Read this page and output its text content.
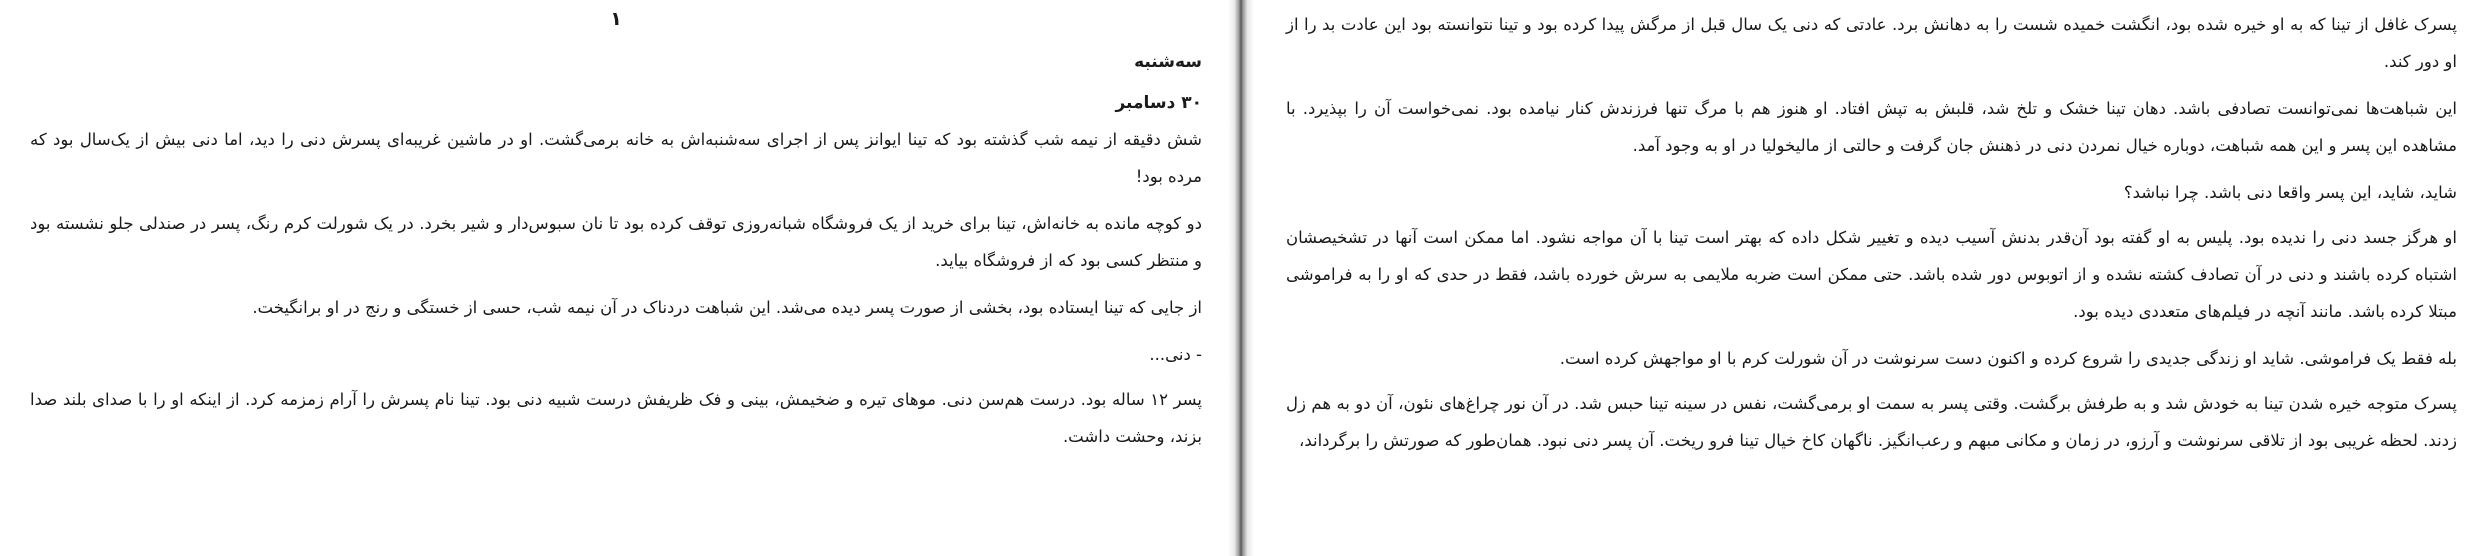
۱
سه‌شنبه
۳۰ دسامبر

شش دقیقه از نیمه شب گذشته بود که تینا ایوانز پس از اجرای سه‌شنبه‌اش به خانه برمی‌گشت. او در ماشین غریبه‌ای پسرش دنی را دید، اما دنی بیش از یک‌سال بود که مرده بود!

دو کوچه مانده به خانه‌اش، تینا برای خرید از یک فروشگاه شبانه‌روزی توقف کرده بود تا نان سبوس‌دار و شیر بخرد. در یک شورلت کرم رنگ، پسر در صندلی جلو نشسته بود و منتظر کسی بود که از فروشگاه بیاید.

از جایی که تینا ایستاده بود، بخشی از صورت پسر دیده می‌شد. این شباهت دردناک در آن نیمه شب، حسی از خستگی و رنج در او برانگیخت.

- دنی...

پسر ۱۲ ساله بود. درست هم‌سن دنی. موهای تیره و ضخیمش، بینی و فک ظریفش درست شبیه دنی بود. تینا نام پسرش را آرام زمزمه کرد. از اینکه او را با صدای بلند صدا بزند، وحشت داشت.

پسرک غافل از تینا که به او خیره شده بود، انگشت خمیده شست را به دهانش برد. عادتی که دنی یک سال قبل از مرگش پیدا کرده بود و تینا نتوانسته بود این عادت بد را از او دور کند.

این شباهت‌ها نمی‌توانست تصادفی باشد. دهان تینا خشک و تلخ شد، قلبش به تپش افتاد. او هنوز هم با مرگ تنها فرزندش کنار نیامده بود. نمی‌خواست آن را بپذیرد. با مشاهده این پسر و این همه شباهت، دوباره خیال نمردن دنی در ذهنش جان گرفت و حالتی از مالیخولیا در او به وجود آمد.

شاید، شاید، این پسر واقعا دنی باشد. چرا نباشد؟

او هرگز جسد دنی را ندیده بود. پلیس به او گفته بود آن‌قدر بدنش آسیب دیده و تغییر شکل داده که بهتر است تینا با آن مواجه نشود. اما ممکن است آنها در تشخیصشان اشتباه کرده باشند و دنی در آن تصادف کشته نشده و از اتوبوس دور شده باشد. حتی ممکن است ضربه ملایمی به سرش خورده باشد، فقط در حدی که او را به فراموشی مبتلا کرده باشد. مانند آنچه در فیلم‌های متعددی دیده بود.

بله فقط یک فراموشی. شاید او زندگی جدیدی را شروع کرده و اکنون دست سرنوشت در آن شورلت کرم با او مواجهش کرده است.

پسرک متوجه خیره شدن تینا به خودش شد و به طرفش برگشت. وقتی پسر به سمت او برمی‌گشت، نفس در سینه تینا حبس شد. در آن نور چراغ‌های نئون، آن دو به هم زل زدند. لحظه غریبی بود از تلاقی سرنوشت و آرزو، در زمان و مکانی مبهم و رعب‌انگیز. ناگهان کاخ خیال تینا فرو ریخت. آن پسر دنی نبود. همان‌طور که صورتش را برگرداند،
